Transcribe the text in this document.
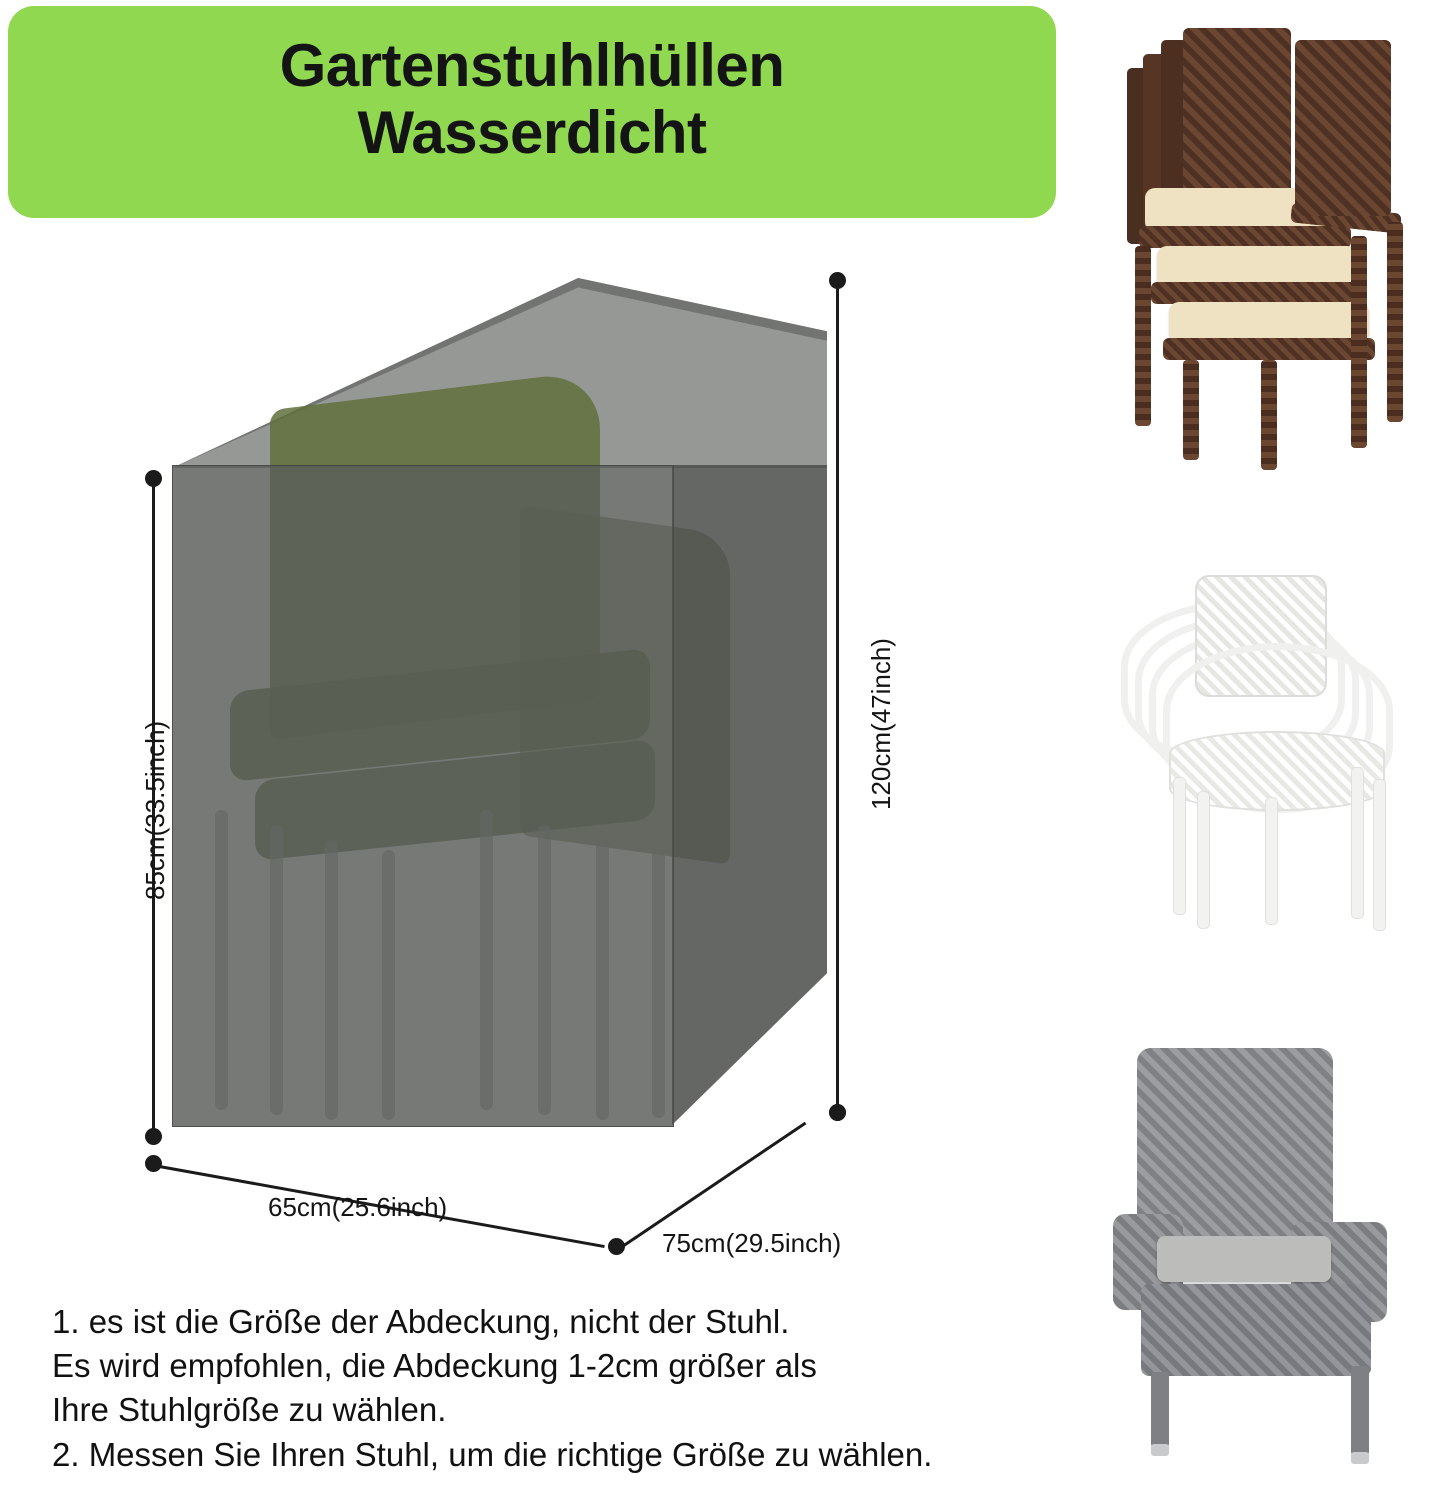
Gartenstuhlhüllen
Wasserdicht
85cm(33.5inch)	120cm(47inch)
65cm(25.6inch)
75cm(29.5inch)

1. es ist die Größe der Abdeckung, nicht der Stuhl.

Es wird empfohlen, die Abdeckung 1-2cm größer als

Ihre Stuhlgröße zu wählen.

2. Messen Sie Ihren Stuhl, um die richtige Größe zu wählen.
